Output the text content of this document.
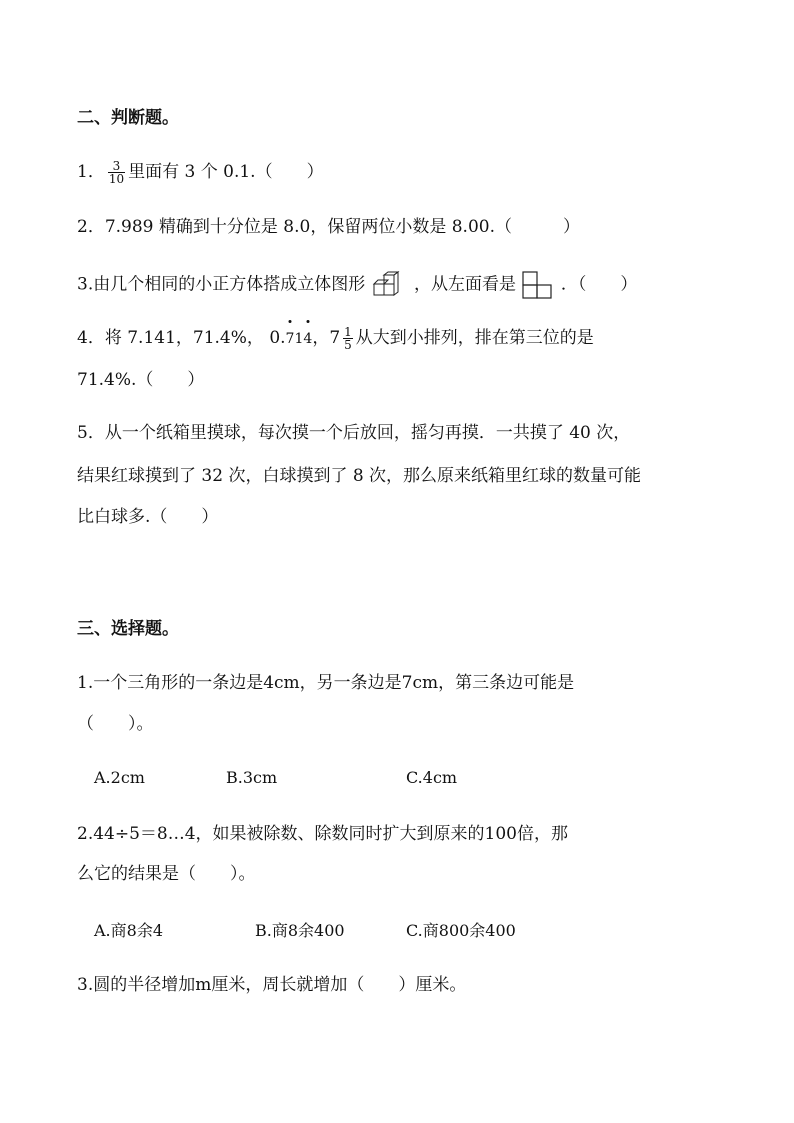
二、判断题。
1． $\frac{3}{10}$ 里面有 3 个 0.1.（　　）
2．7.989 精确到十分位是 8.0，保留两位小数是 8.00.（　　　）
3.由几个相同的小正方体搭成立体图形	，从左面看是	．（　　）
4．将 7.141，71.4%， 0.
71
4，$7 \frac{1}{5}$ 从大到小排列，排在第三位的是
71.4%.（　　）
5．从一个纸箱里摸球，每次摸一个后放回，摇匀再摸．一共摸了 40 次，
结果红球摸到了 32 次，白球摸到了 8 次，那么原来纸箱里红球的数量可能
比白球多.（　　）
三、选择题。
1.一个三角形的一条边是4cm，另一条边是7cm，第三条边可能是
（　　）。
A.2cm	B.3cm	C.4cm
2.44÷5＝8…4，如果被除数、除数同时扩大到原来的100倍，那
么它的结果是（　　）。
A.商8余4	B.商8余400	C.商800余400
3.圆的半径增加m厘米，周长就增加（　　）厘米。
